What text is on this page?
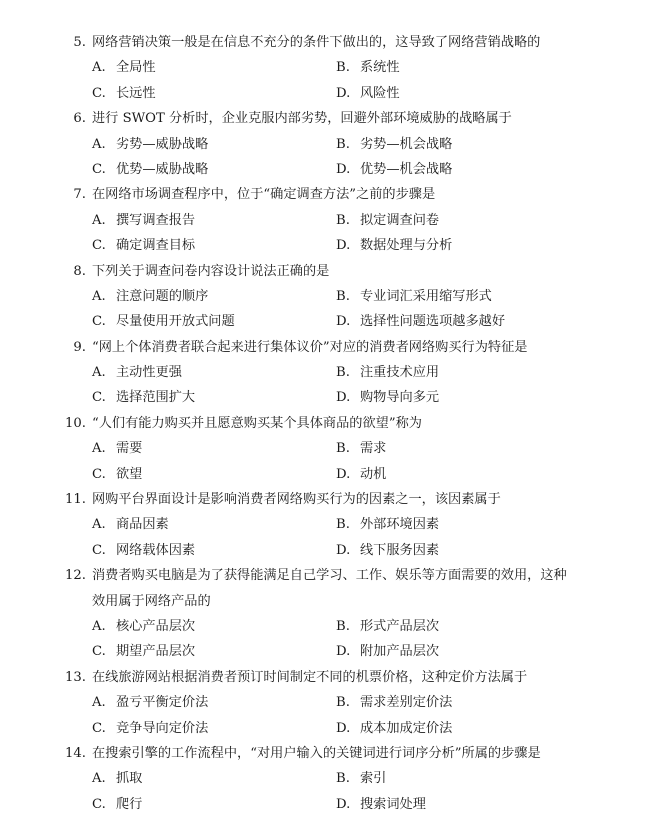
5. 网络营销决策一般是在信息不充分的条件下做出的，这导致了网络营销战略的
A. 全局性	B. 系统性
C. 长远性	D. 风险性
6. 进行 SWOT 分析时，企业克服内部劣势，回避外部环境威胁的战略属于
A. 劣势—威胁战略	B. 劣势—机会战略
C. 优势—威胁战略	D. 优势—机会战略
7. 在网络市场调查程序中，位于“确定调查方法”之前的步骤是
A. 撰写调查报告	B. 拟定调查问卷
C. 确定调查目标	D. 数据处理与分析
8. 下列关于调查问卷内容设计说法正确的是
A. 注意问题的顺序	B. 专业词汇采用缩写形式
C. 尽量使用开放式问题	D. 选择性问题选项越多越好
9. “网上个体消费者联合起来进行集体议价”对应的消费者网络购买行为特征是
A. 主动性更强	B. 注重技术应用
C. 选择范围扩大	D. 购物导向多元
10. “人们有能力购买并且愿意购买某个具体商品的欲望”称为
A. 需要	B. 需求
C. 欲望	D. 动机
11. 网购平台界面设计是影响消费者网络购买行为的因素之一，该因素属于
A. 商品因素	B. 外部环境因素
C. 网络载体因素	D. 线下服务因素
12. 消费者购买电脑是为了获得能满足自己学习、工作、娱乐等方面需要的效用，这种
效用属于网络产品的
A. 核心产品层次	B. 形式产品层次
C. 期望产品层次	D. 附加产品层次
13. 在线旅游网站根据消费者预订时间制定不同的机票价格，这种定价方法属于
A. 盈亏平衡定价法	B. 需求差别定价法
C. 竞争导向定价法	D. 成本加成定价法
14. 在搜索引擎的工作流程中，“对用户输入的关键词进行词序分析”所属的步骤是
A. 抓取	B. 索引
C. 爬行	D. 搜索词处理
